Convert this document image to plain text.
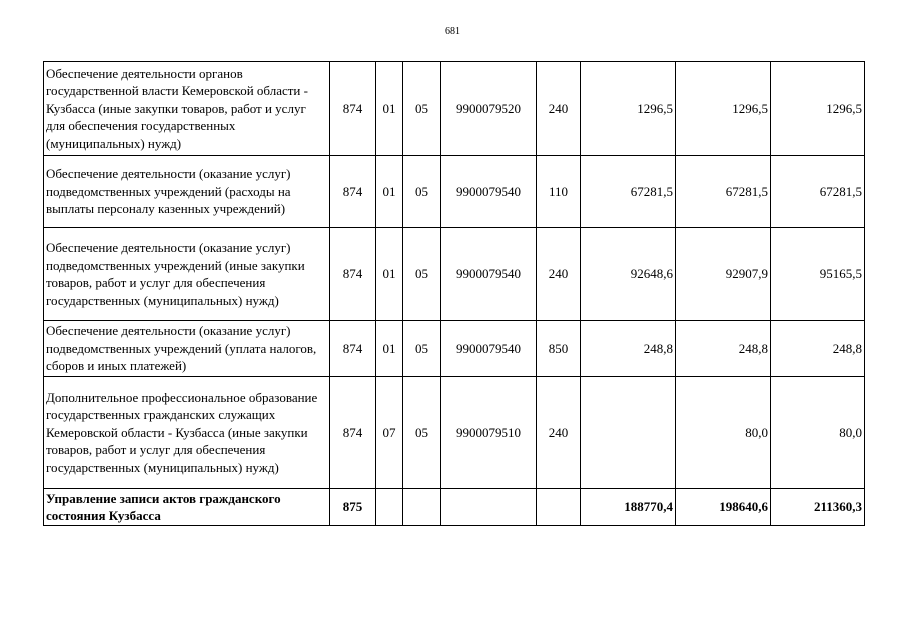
681
Обеспечение деятельности органов государственной власти Кемеровской области - Кузбасса (иные закупки товаров, работ и услуг для обеспечения государственных (муниципальных) нужд)	874	01	05	9900079520	240	1296,5	1296,5	1296,5
Обеспечение деятельности (оказание услуг) подведомственных учреждений (расходы на выплаты персоналу казенных учреждений)	874	01	05	9900079540	110	67281,5	67281,5	67281,5
Обеспечение деятельности (оказание услуг) подведомственных учреждений (иные закупки товаров, работ и услуг для обеспечения государственных (муниципальных) нужд)	874	01	05	9900079540	240	92648,6	92907,9	95165,5
Обеспечение деятельности (оказание услуг) подведомственных учреждений (уплата налогов, сборов и иных платежей)	874	01	05	9900079540	850	248,8	248,8	248,8
Дополнительное профессиональное образование государственных гражданских служащих Кемеровской области - Кузбасса (иные закупки товаров, работ и услуг для обеспечения государственных (муниципальных) нужд)	874	07	05	9900079510	240		80,0	80,0
Управление записи актов гражданского состояния Кузбасса	875					188770,4	198640,6	211360,3
